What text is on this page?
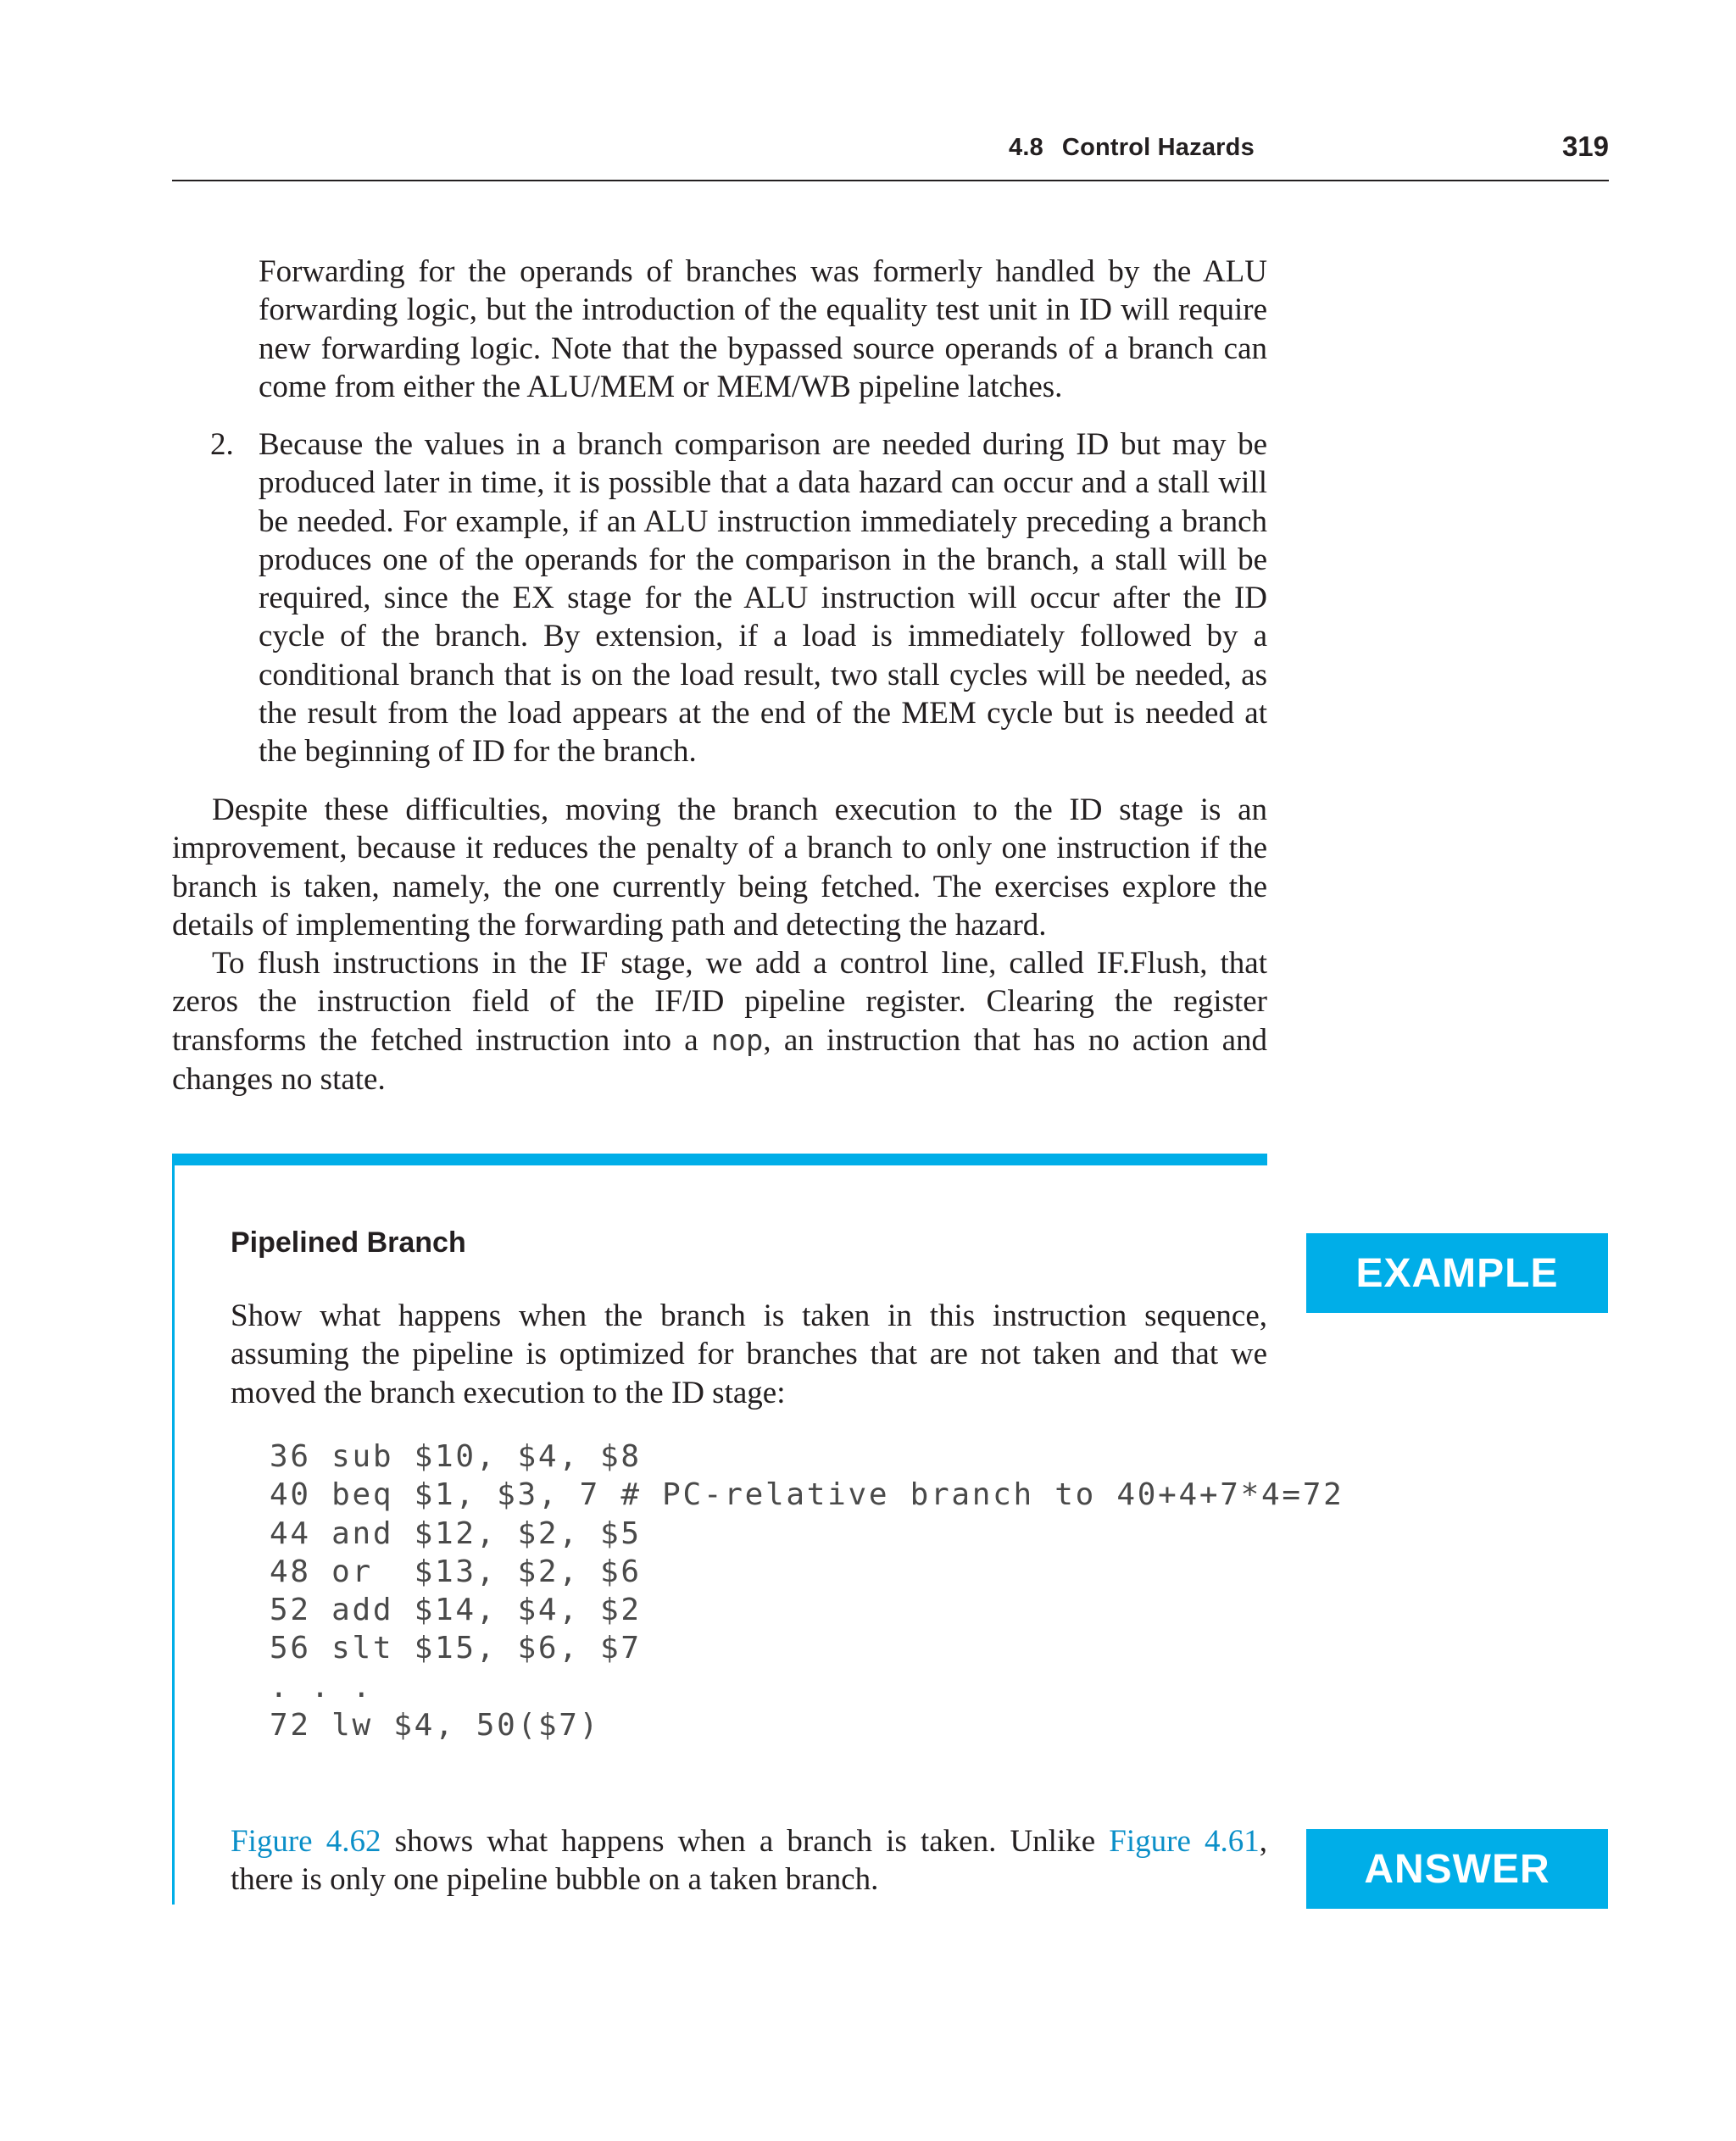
4.8 Control Hazards	319

Forwarding for the operands of branches was formerly handled by the ALU forwarding logic, but the introduction of the equality test unit in ID will require new forwarding logic. Note that the bypassed source operands of a branch can come from either the ALU/MEM or MEM/WB pipeline latches.

2. Because the values in a branch comparison are needed during ID but may be produced later in time, it is possible that a data hazard can occur and a stall will be needed. For example, if an ALU instruction immediately preceding a branch produces one of the operands for the comparison in the branch, a stall will be required, since the EX stage for the ALU instruction will occur after the ID cycle of the branch. By extension, if a load is immediately followed by a conditional branch that is on the load result, two stall cycles will be needed, as the result from the load appears at the end of the MEM cycle but is needed at the beginning of ID for the branch.

Despite these difficulties, moving the branch execution to the ID stage is an improvement, because it reduces the penalty of a branch to only one instruction if the branch is taken, namely, the one currently being fetched. The exercises explore the details of implementing the forwarding path and detecting the hazard.

To flush instructions in the IF stage, we add a control line, called IF.Flush, that zeros the instruction field of the IF/ID pipeline register. Clearing the register transforms the fetched instruction into a nop, an instruction that has no action and changes no state.

EXAMPLE
Pipelined Branch

Show what happens when the branch is taken in this instruction sequence, assuming the pipeline is optimized for branches that are not taken and that we moved the branch execution to the ID stage:

36 sub $10, $4, $8
40 beq $1, $3, 7 # PC-relative branch to 40+4+7*4=72
44 and $12, $2, $5
48 or  $13, $2, $6
52 add $14, $4, $2
56 slt $15, $6, $7
. . .
72 lw $4, 50($7)
ANSWER

Figure 4.62 shows what happens when a branch is taken. Unlike Figure 4.61, there is only one pipeline bubble on a taken branch.
